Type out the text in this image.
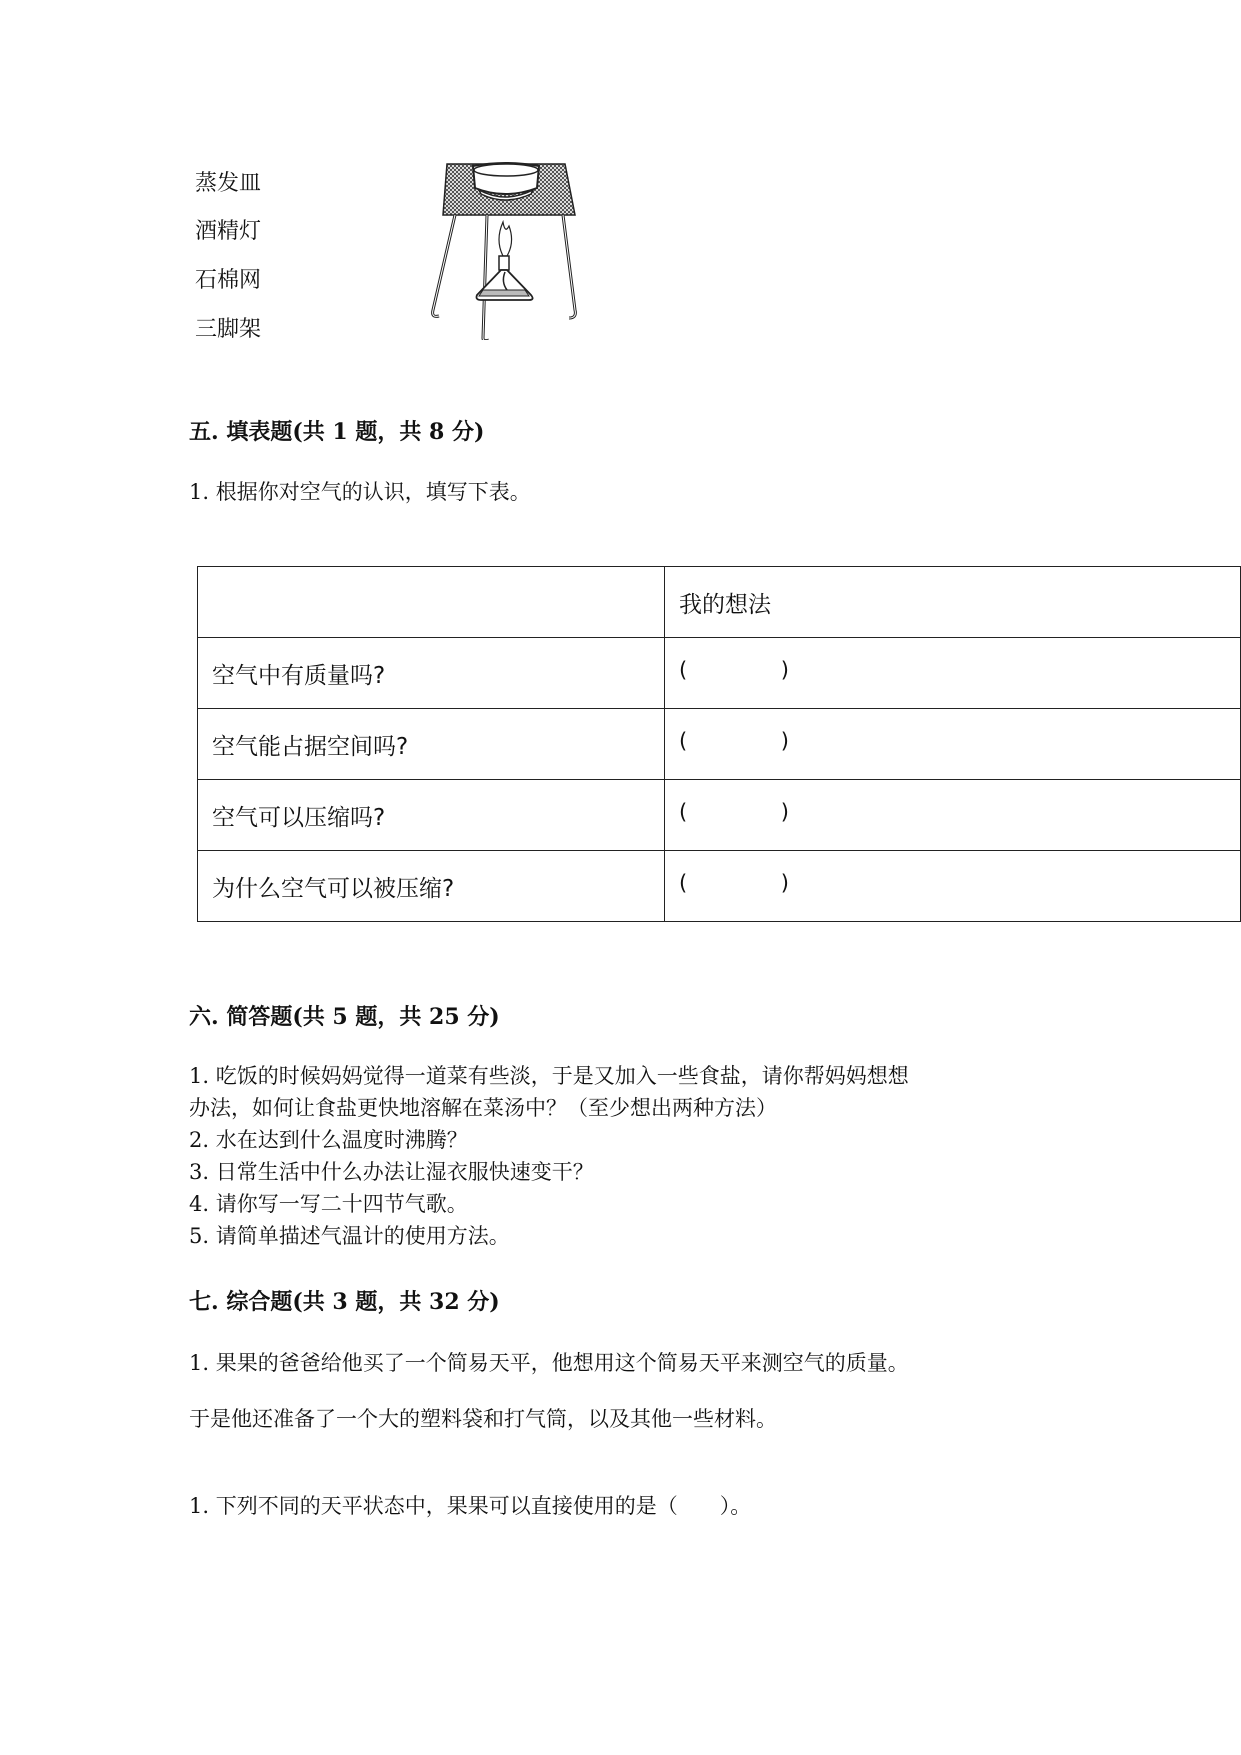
蒸发皿
酒精灯
石棉网
三脚架
五. 填表题(共 1 题，共 8 分)
1. 根据你对空气的认识，填写下表。
	我的想法
空气中有质量吗?	( )

空气能占据空间吗?	( )

空气可以压缩吗?	( )

为什么空气可以被压缩?	( )
六. 简答题(共 5 题，共 25 分)
1. 吃饭的时候妈妈觉得一道菜有些淡，于是又加入一些食盐，请你帮妈妈想想
办法，如何让食盐更快地溶解在菜汤中？（至少想出两种方法）
2. 水在达到什么温度时沸腾？
3. 日常生活中什么办法让湿衣服快速变干？
4. 请你写一写二十四节气歌。
5. 请简单描述气温计的使用方法。
七. 综合题(共 3 题，共 32 分)
1. 果果的爸爸给他买了一个简易天平，他想用这个简易天平来测空气的质量。
于是他还准备了一个大的塑料袋和打气筒，以及其他一些材料。
1. 下列不同的天平状态中，果果可以直接使用的是（　　）。
